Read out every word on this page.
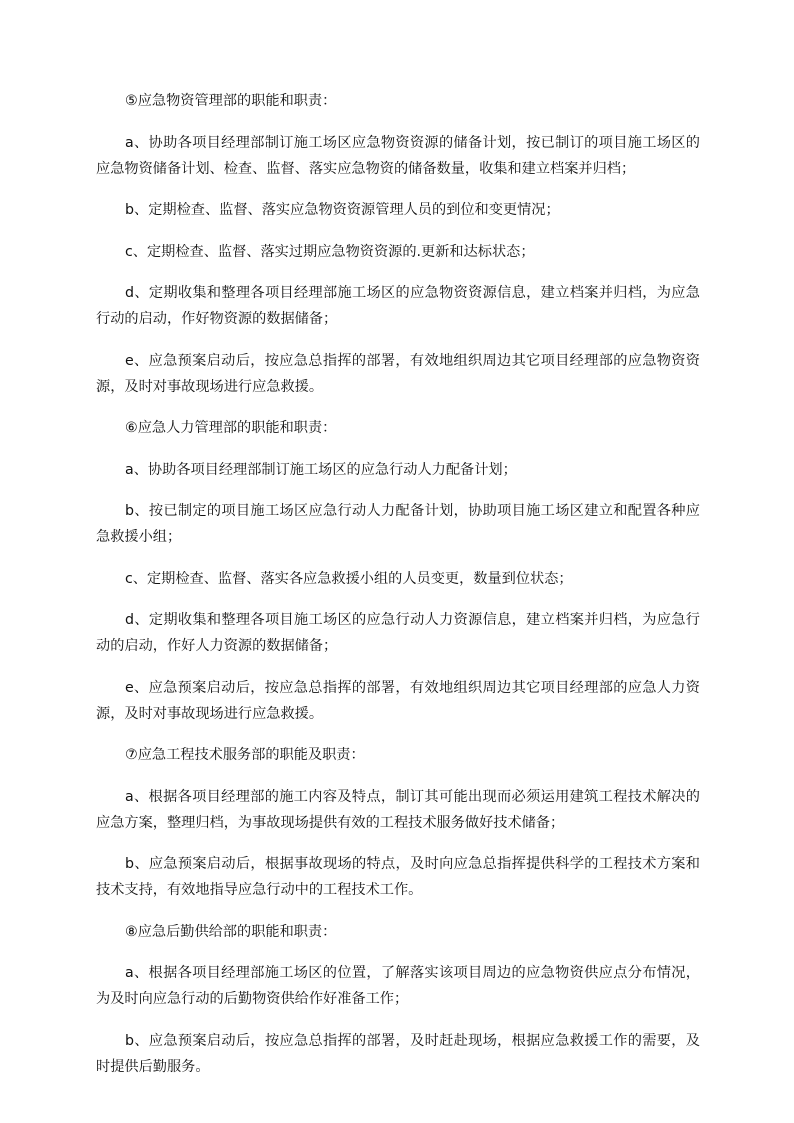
⑤应急物资管理部的职能和职责：

a、协助各项目经理部制订施工场区应急物资资源的储备计划，按已制订的项目施工场区的应急物资储备计划、检查、监督、落实应急物资的储备数量，收集和建立档案并归档；

b、定期检查、监督、落实应急物资资源管理人员的到位和变更情况；

c、定期检查、监督、落实过期应急物资资源的.更新和达标状态；

d、定期收集和整理各项目经理部施工场区的应急物资资源信息，建立档案并归档，为应急行动的启动，作好物资源的数据储备；

e、应急预案启动后，按应急总指挥的部署，有效地组织周边其它项目经理部的应急物资资源，及时对事故现场进行应急救援。

⑥应急人力管理部的职能和职责：

a、协助各项目经理部制订施工场区的应急行动人力配备计划；

b、按已制定的项目施工场区应急行动人力配备计划，协助项目施工场区建立和配置各种应急救援小组；

c、定期检查、监督、落实各应急救援小组的人员变更，数量到位状态；

d、定期收集和整理各项目施工场区的应急行动人力资源信息，建立档案并归档，为应急行动的启动，作好人力资源的数据储备；

e、应急预案启动后，按应急总指挥的部署，有效地组织周边其它项目经理部的应急人力资源，及时对事故现场进行应急救援。

⑦应急工程技术服务部的职能及职责：

a、根据各项目经理部的施工内容及特点，制订其可能出现而必须运用建筑工程技术解决的应急方案，整理归档，为事故现场提供有效的工程技术服务做好技术储备；

b、应急预案启动后，根据事故现场的特点，及时向应急总指挥提供科学的工程技术方案和技术支持，有效地指导应急行动中的工程技术工作。

⑧应急后勤供给部的职能和职责：

a、根据各项目经理部施工场区的位置，了解落实该项目周边的应急物资供应点分布情况，为及时向应急行动的后勤物资供给作好准备工作；

b、应急预案启动后，按应急总指挥的部署，及时赶赴现场，根据应急救援工作的需要，及时提供后勤服务。
